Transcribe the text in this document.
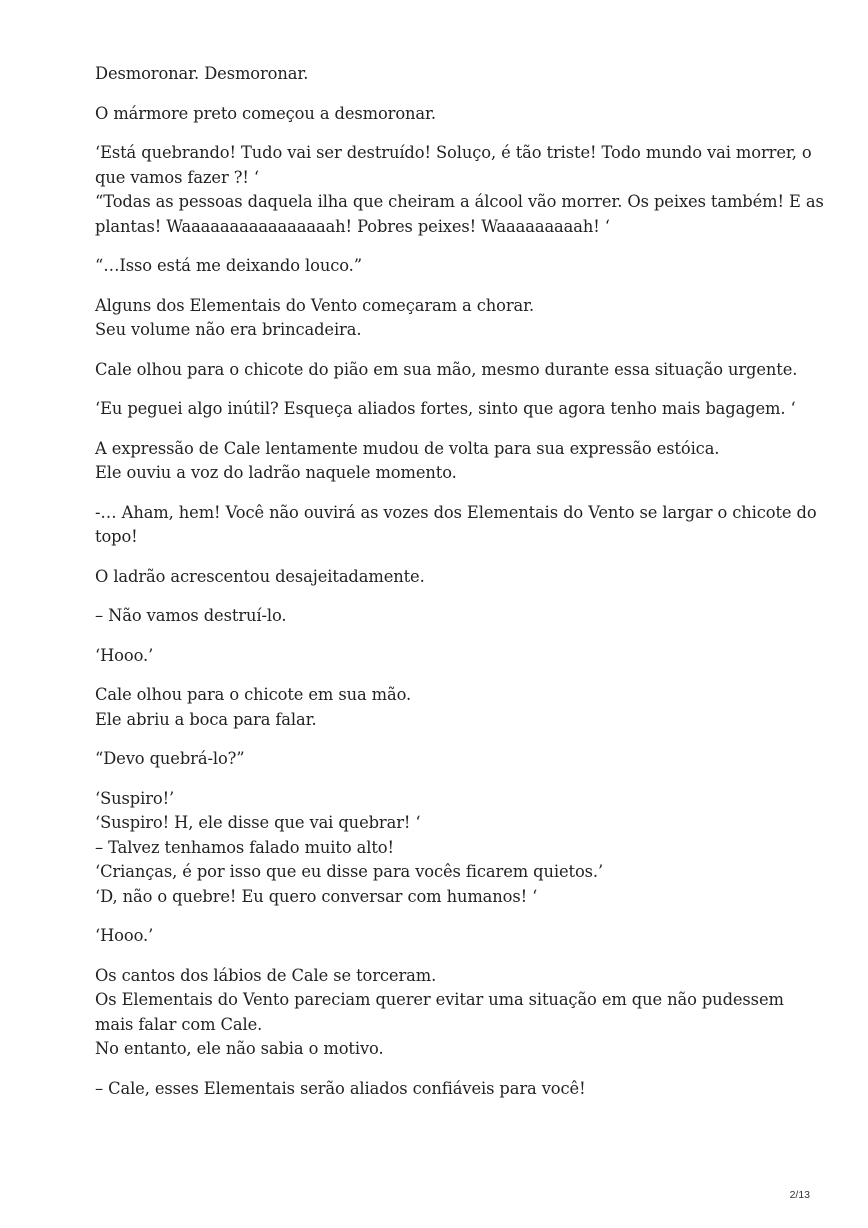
Desmoronar. Desmoronar.

O mármore preto começou a desmoronar.

‘Está quebrando! Tudo vai ser destruído! Soluço, é tão triste! Todo mundo vai morrer, o
que vamos fazer ?! ‘
“Todas as pessoas daquela ilha que cheiram a álcool vão morrer. Os peixes também! E as
plantas! Waaaaaaaaaaaaaaaah! Pobres peixes! Waaaaaaaaah! ‘

“…Isso está me deixando louco.”

Alguns dos Elementais do Vento começaram a chorar.
Seu volume não era brincadeira.

Cale olhou para o chicote do pião em sua mão, mesmo durante essa situação urgente.

‘Eu peguei algo inútil? Esqueça aliados fortes, sinto que agora tenho mais bagagem. ‘

A expressão de Cale lentamente mudou de volta para sua expressão estóica.
Ele ouviu a voz do ladrão naquele momento.

-… Aham, hem! Você não ouvirá as vozes dos Elementais do Vento se largar o chicote do
topo!

O ladrão acrescentou desajeitadamente.

– Não vamos destruí-lo.

‘Hooo.’

Cale olhou para o chicote em sua mão.
Ele abriu a boca para falar.

“Devo quebrá-lo?”

‘Suspiro!’
‘Suspiro! H, ele disse que vai quebrar! ‘
– Talvez tenhamos falado muito alto!
‘Crianças, é por isso que eu disse para vocês ficarem quietos.’
‘D, não o quebre! Eu quero conversar com humanos! ‘

‘Hooo.’

Os cantos dos lábios de Cale se torceram.
Os Elementais do Vento pareciam querer evitar uma situação em que não pudessem
mais falar com Cale.
No entanto, ele não sabia o motivo.

– Cale, esses Elementais serão aliados confiáveis para você!

2/13
